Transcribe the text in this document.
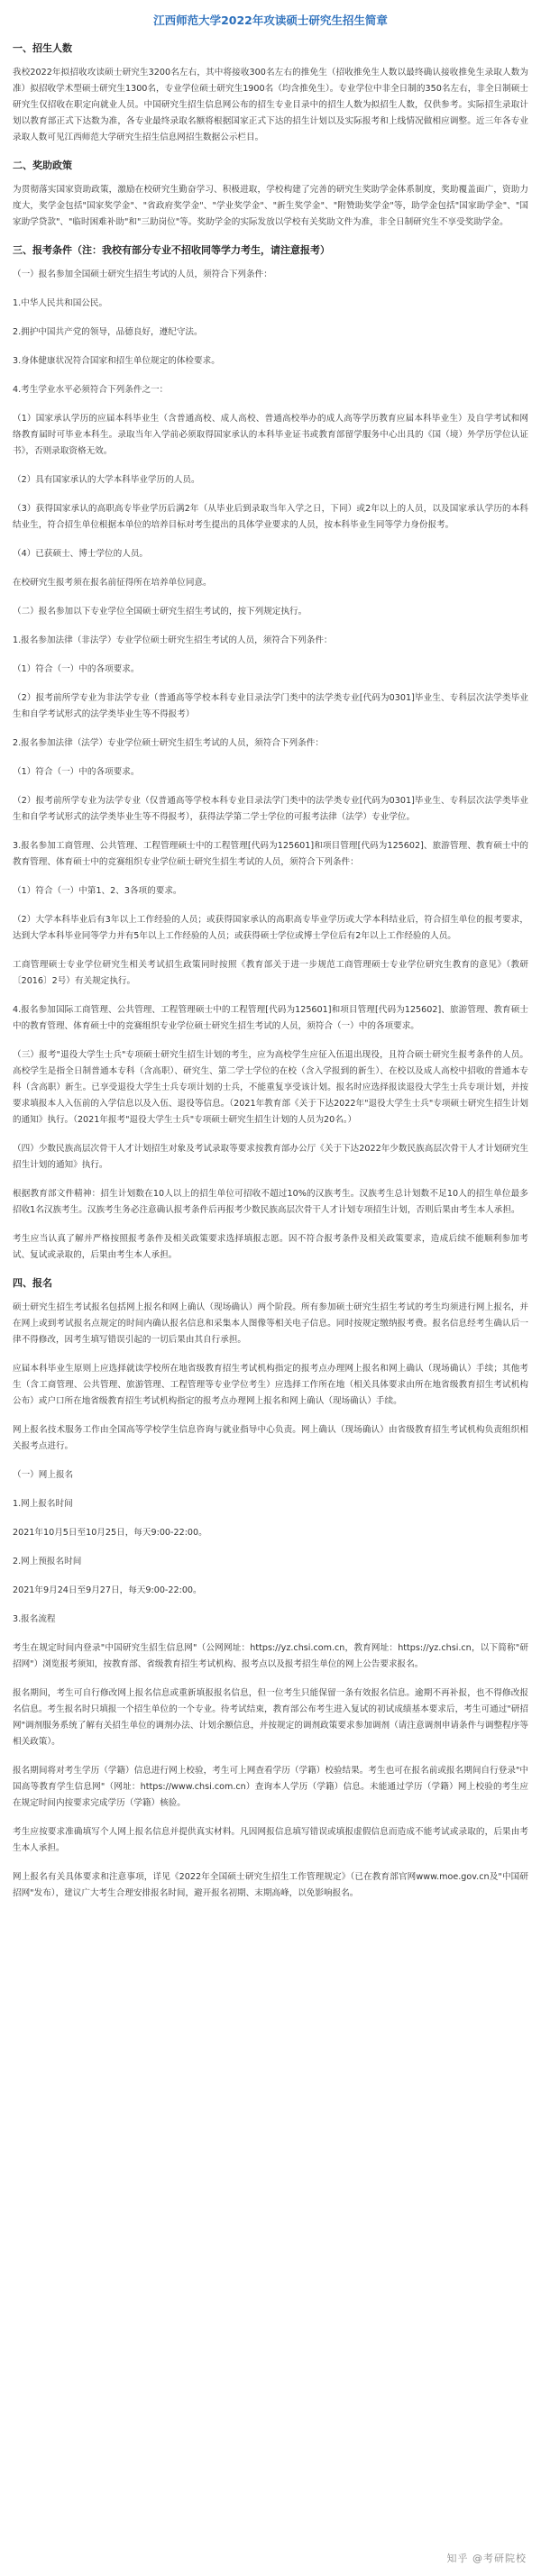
江西师范大学2022年攻读硕士研究生招生简章
一、招生人数

我校2022年拟招收攻读硕士研究生3200名左右，其中将接收300名左右的推免生（招收推免生人数以最终确认接收推免生录取人数为准）拟招收学术型硕士研究生1300名，专业学位硕士研究生1900名（均含推免生）。专业学位中非全日制的350名左右，非全日制硕士研究生仅招收在职定向就业人员。中国研究生招生信息网公布的招生专业目录中的招生人数为拟招生人数，仅供参考。实际招生录取计划以教育部正式下达数为准，各专业最终录取名额将根据国家正式下达的招生计划以及实际报考和上线情况做相应调整。近三年各专业录取人数可见江西师范大学研究生招生信息网招生数据公示栏目。

二、奖助政策

为贯彻落实国家资助政策，激励在校研究生勤奋学习、积极进取，学校构建了完善的研究生奖助学金体系制度，奖助覆盖面广，资助力度大，奖学金包括"国家奖学金"、"省政府奖学金"、"学业奖学金"、"新生奖学金"、"附赞助奖学金"等，助学金包括"国家助学金"、"国家助学贷款"、"临时困难补助"和"三助岗位"等。奖助学金的实际发放以学校有关奖助文件为准，非全日制研究生不享受奖助学金。

三、报考条件（注：我校有部分专业不招收同等学力考生，请注意报考）

（一）报名参加全国硕士研究生招生考试的人员，须符合下列条件：

1.中华人民共和国公民。

2.拥护中国共产党的领导，品德良好，遵纪守法。

3.身体健康状况符合国家和招生单位规定的体检要求。

4.考生学业水平必须符合下列条件之一：

（1）国家承认学历的应届本科毕业生（含普通高校、成人高校、普通高校举办的成人高等学历教育应届本科毕业生）及自学考试和网络教育届时可毕业本科生。录取当年入学前必须取得国家承认的本科毕业证书或教育部留学服务中心出具的《国（境）外学历学位认证书》，否则录取资格无效。

（2）具有国家承认的大学本科毕业学历的人员。

（3）获得国家承认的高职高专毕业学历后满2年（从毕业后到录取当年入学之日，下同）或2年以上的人员，以及国家承认学历的本科结业生，符合招生单位根据本单位的培养目标对考生提出的具体学业要求的人员，按本科毕业生同等学力身份报考。

（4）已获硕士、博士学位的人员。

在校研究生报考须在报名前征得所在培养单位同意。

（二）报名参加以下专业学位全国硕士研究生招生考试的，按下列规定执行。

1.报名参加法律（非法学）专业学位硕士研究生招生考试的人员，须符合下列条件：

（1）符合（一）中的各项要求。

（2）报考前所学专业为非法学专业（普通高等学校本科专业目录法学门类中的法学类专业[代码为0301]毕业生、专科层次法学类毕业生和自学考试形式的法学类毕业生等不得报考）

2.报名参加法律（法学）专业学位硕士研究生招生考试的人员，须符合下列条件：

（1）符合（一）中的各项要求。

（2）报考前所学专业为法学专业（仅普通高等学校本科专业目录法学门类中的法学类专业[代码为0301]毕业生、专科层次法学类毕业生和自学考试形式的法学类毕业生等不得报考），获得法学第二学士学位的可报考法律（法学）专业学位。

3.报名参加工商管理、公共管理、工程管理硕士中的工程管理[代码为125601]和项目管理[代码为125602]、旅游管理、教育硕士中的教育管理、体育硕士中的竞赛组织专业学位硕士研究生招生考试的人员，须符合下列条件：

（1）符合（一）中第1、2、3各项的要求。

（2）大学本科毕业后有3年以上工作经验的人员；或获得国家承认的高职高专毕业学历或大学本科结业后，符合招生单位的报考要求，达到大学本科毕业同等学力并有5年以上工作经验的人员；或获得硕士学位或博士学位后有2年以上工作经验的人员。

工商管理硕士专业学位研究生相关考试招生政策同时按照《教育部关于进一步规范工商管理硕士专业学位研究生教育的意见》（教研〔2016〕2号）有关规定执行。

4.报名参加国际工商管理、公共管理、工程管理硕士中的工程管理[代码为125601]和项目管理[代码为125602]、旅游管理、教育硕士中的教育管理、体育硕士中的竞赛组织专业学位硕士研究生招生考试的人员，须符合（一）中的各项要求。

（三）报考"退役大学生士兵"专项硕士研究生招生计划的考生，应为高校学生应征入伍退出现役，且符合硕士研究生报考条件的人员。高校学生是指全日制普通本专科（含高职）、研究生、第二学士学位的在校（含入学报到的新生）、在校以及成人高校中招收的普通本专科（含高职）新生。已享受退役大学生士兵专项计划的士兵，不能重复享受该计划。报名时应选择报读退役大学生士兵专项计划，并按要求填报本人入伍前的入学信息以及入伍、退役等信息。（2021年教育部《关于下达2022年"退役大学生士兵"专项硕士研究生招生计划的通知》执行。（2021年报考"退役大学生士兵"专项硕士研究生招生计划的人员为20名。）

（四）少数民族高层次骨干人才计划招生对象及考试录取等要求按教育部办公厅《关于下达2022年少数民族高层次骨干人才计划研究生招生计划的通知》执行。

根据教育部文件精神：招生计划数在10人以上的招生单位可招收不超过10%的汉族考生。汉族考生总计划数不足10人的招生单位最多招收1名汉族考生。汉族考生务必注意确认报考条件后再报考少数民族高层次骨干人才计划专项招生计划，否则后果由考生本人承担。

考生应当认真了解并严格按照报考条件及相关政策要求选择填报志愿。因不符合报考条件及相关政策要求，造成后续不能顺利参加考试、复试或录取的，后果由考生本人承担。

四、报名

硕士研究生招生考试报名包括网上报名和网上确认（现场确认）两个阶段。所有参加硕士研究生招生考试的考生均须进行网上报名，并在网上或到考试报名点规定的时间内确认报名信息和采集本人图像等相关电子信息。同时按规定缴纳报考费。报名信息经考生确认后一律不得修改，因考生填写错误引起的一切后果由其自行承担。

应届本科毕业生原则上应选择就读学校所在地省级教育招生考试机构指定的报考点办理网上报名和网上确认（现场确认）手续；其他考生（含工商管理、公共管理、旅游管理、工程管理等专业学位考生）应选择工作所在地（相关具体要求由所在地省级教育招生考试机构公布）或户口所在地省级教育招生考试机构指定的报考点办理网上报名和网上确认（现场确认）手续。

网上报名技术服务工作由全国高等学校学生信息咨询与就业指导中心负责。网上确认（现场确认）由省级教育招生考试机构负责组织相关报考点进行。

（一）网上报名

1.网上报名时间

2021年10月5日至10月25日，每天9:00-22:00。

2.网上预报名时间

2021年9月24日至9月27日，每天9:00-22:00。

3.报名流程

考生在规定时间内登录"中国研究生招生信息网"（公网网址：https://yz.chsi.com.cn，教育网址：https://yz.chsi.cn，以下简称"研招网"）浏览报考须知，按教育部、省级教育招生考试机构、报考点以及报考招生单位的网上公告要求报名。

报名期间，考生可自行修改网上报名信息或重新填报报名信息，但一位考生只能保留一条有效报名信息。逾期不再补报，也不得修改报名信息。考生报名时只填报一个招生单位的一个专业。待考试结束，教育部公布考生进入复试的初试成绩基本要求后，考生可通过"研招网"调剂服务系统了解有关招生单位的调剂办法、计划余额信息，并按规定的调剂政策要求参加调剂（请注意调剂申请条件与调整程序等相关政策）。

报名期间将对考生学历（学籍）信息进行网上校验，考生可上网查看学历（学籍）校验结果。考生也可在报名前或报名期间自行登录"中国高等教育学生信息网"（网址：https://www.chsi.com.cn）查询本人学历（学籍）信息。未能通过学历（学籍）网上校验的考生应在规定时间内按要求完成学历（学籍）核验。

考生应按要求准确填写个人网上报名信息并提供真实材料。凡因网报信息填写错误或填报虚假信息而造成不能考试或录取的，后果由考生本人承担。

网上报名有关具体要求和注意事项，详见《2022年全国硕士研究生招生工作管理规定》（已在教育部官网www.moe.gov.cn及"中国研招网"发布），建议广大考生合理安排报名时间，避开报名初期、末期高峰，以免影响报名。

知乎 @考研院校
